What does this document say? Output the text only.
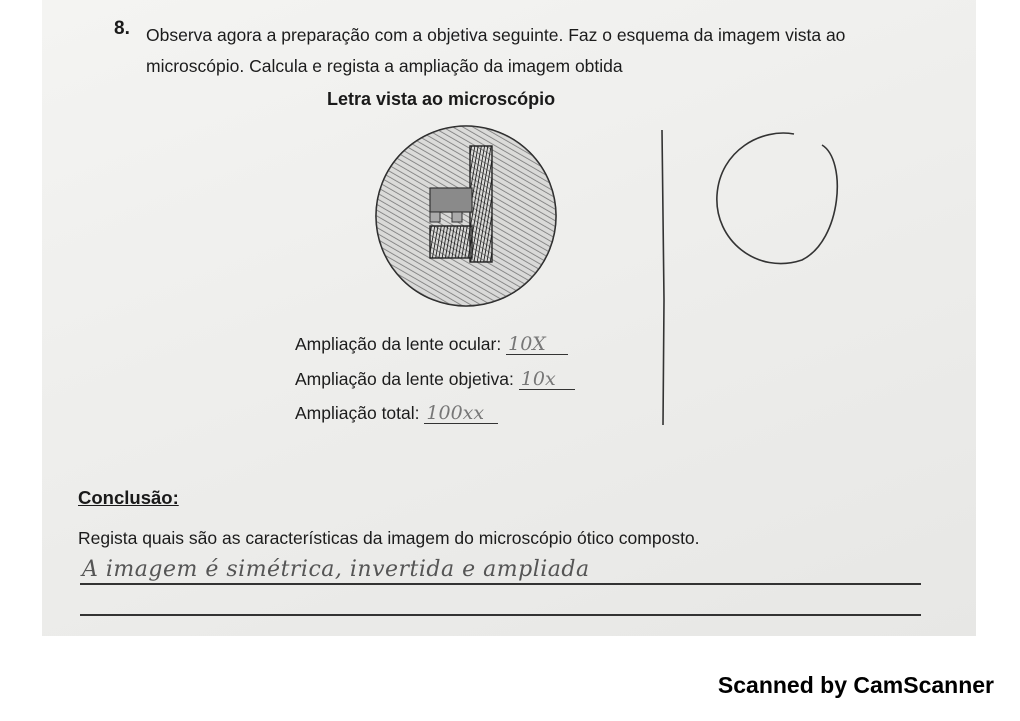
8. Observa agora a preparação com a objetiva seguinte. Faz o esquema da imagem vista ao
microscópio. Calcula e regista a ampliação da imagem obtida
Letra vista ao microscópio
Ampliação da lente ocular: 10X
Ampliação da lente objetiva: 10x
Ampliação total: 100xx
Conclusão:
Regista quais são as características da imagem do microscópio ótico composto.
A imagem é simétrica, invertida e ampliada
Scanned by CamScanner
